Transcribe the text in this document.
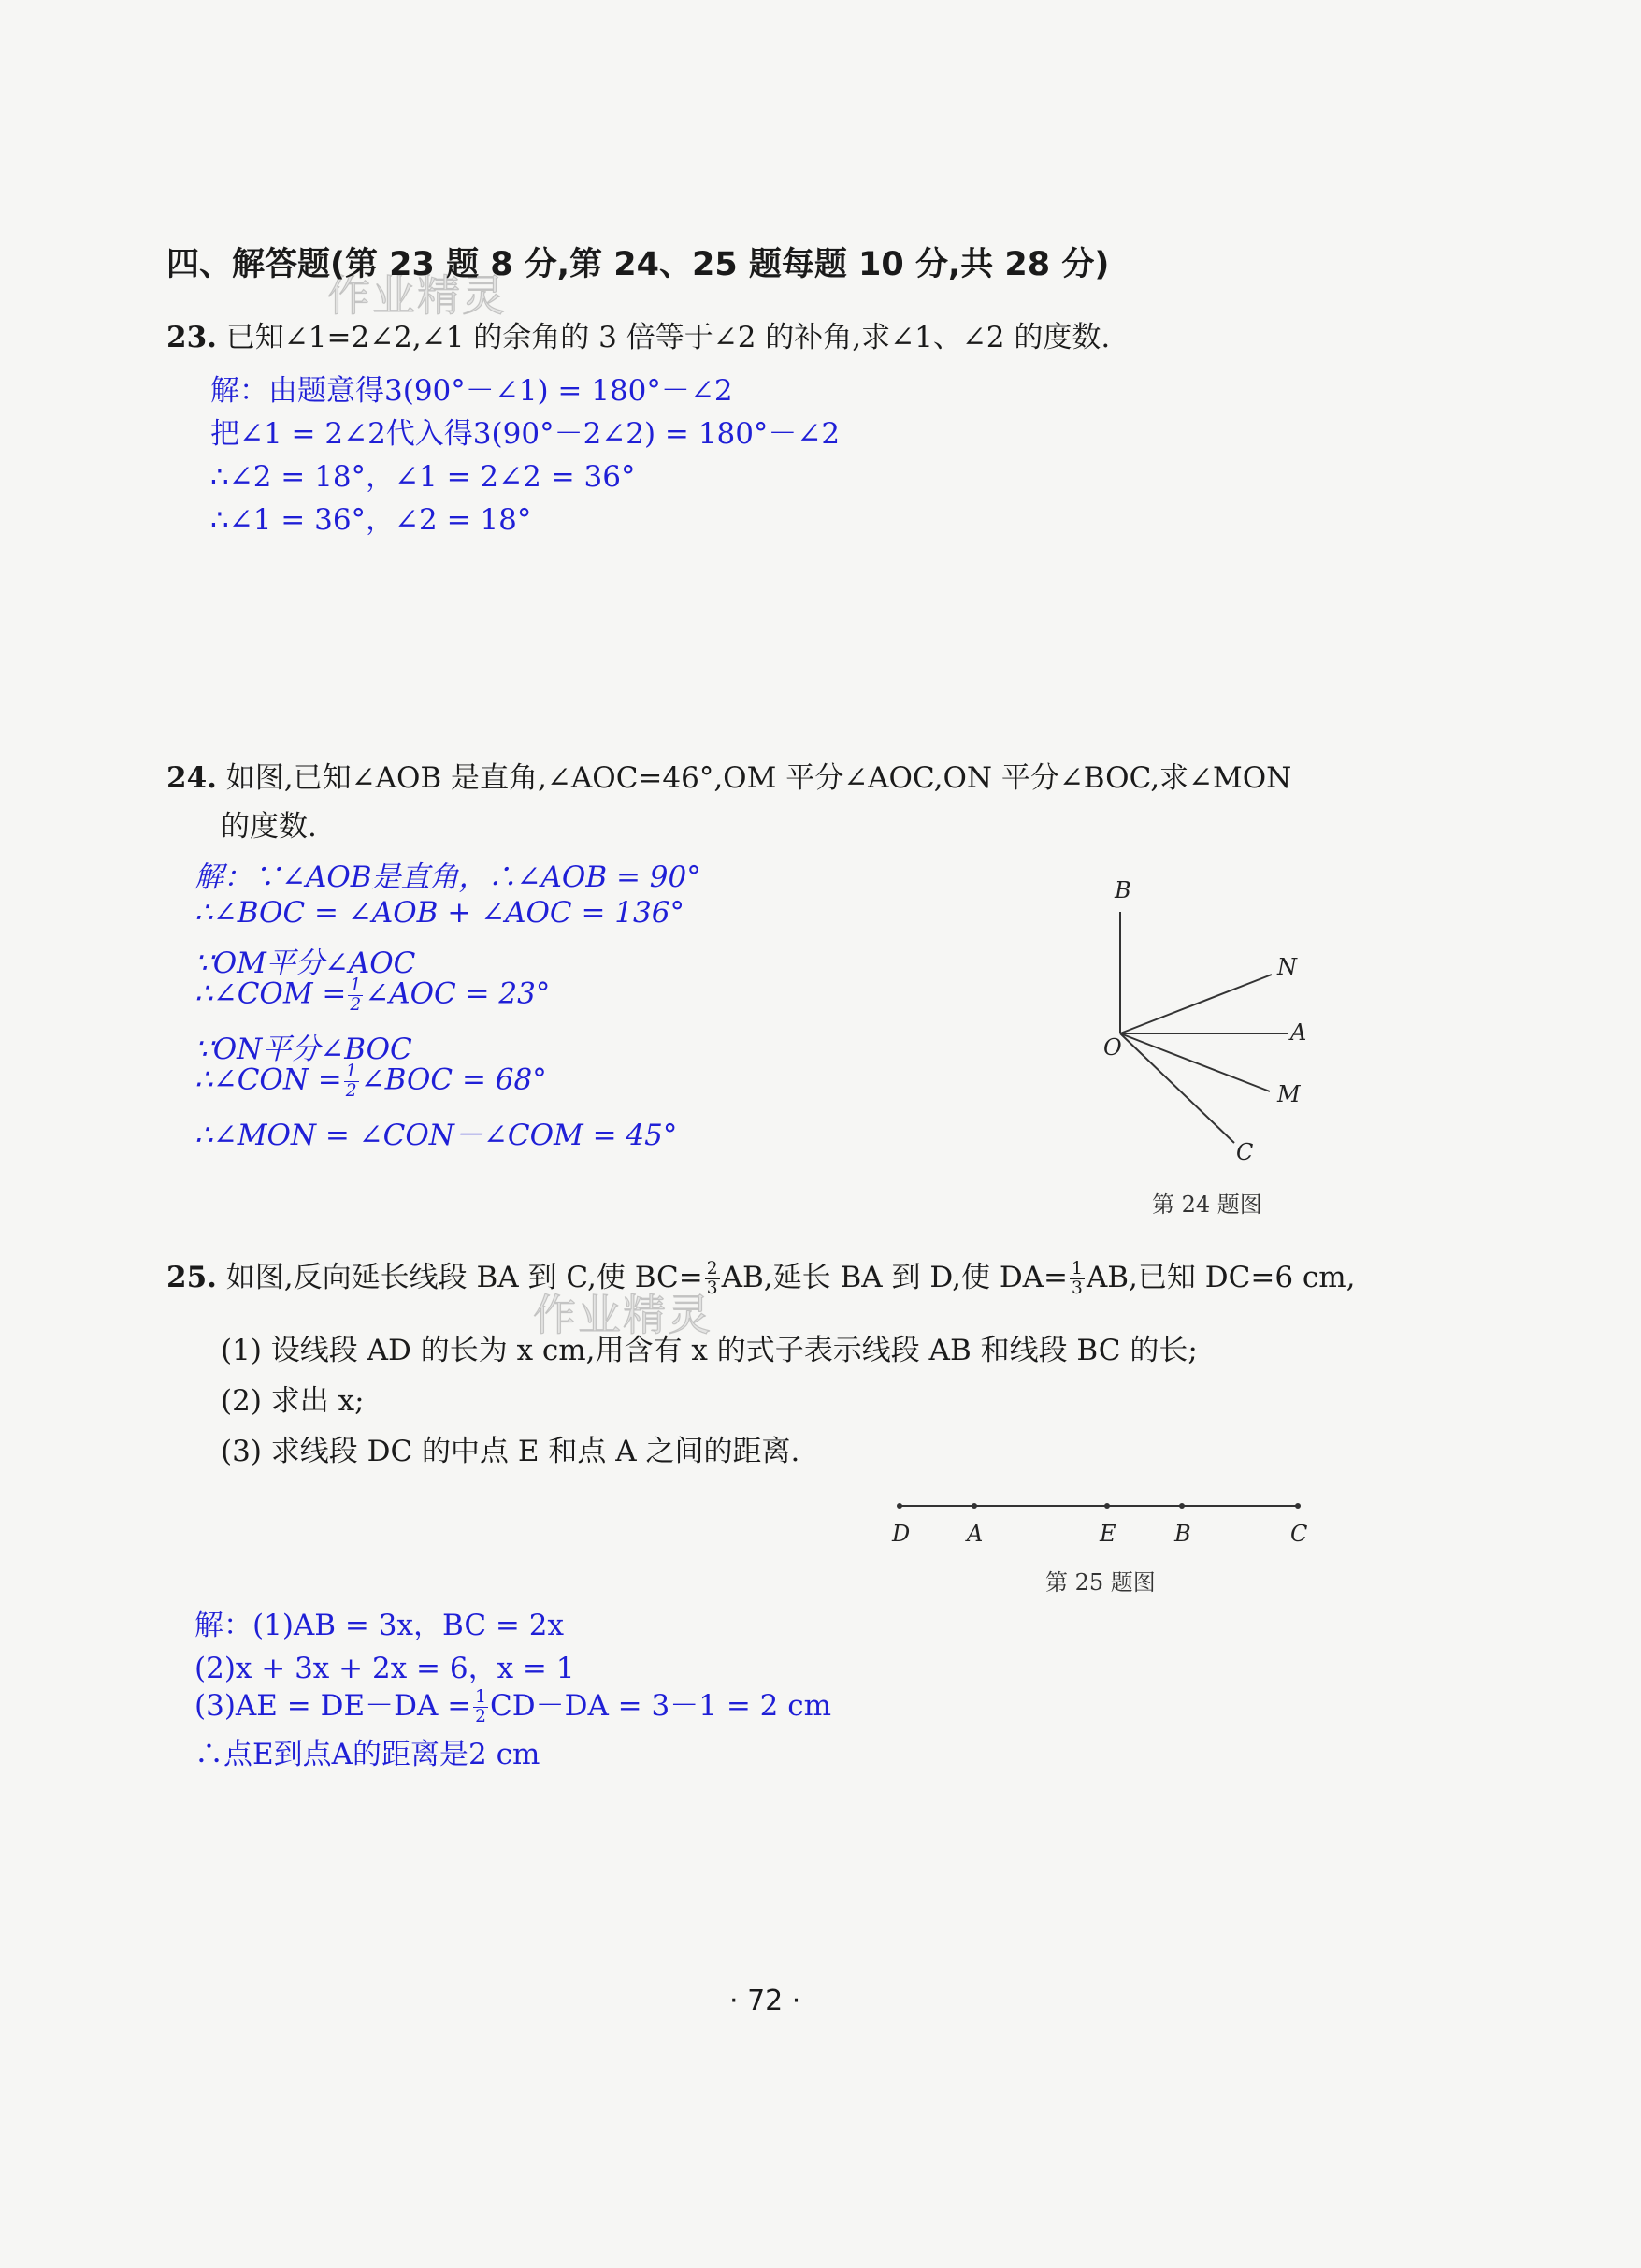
作业精灵
作业精灵
四、解答题(第 23 题 8 分,第 24、25 题每题 10 分,共 28 分)
23. 已知∠1=2∠2,∠1 的余角的 3 倍等于∠2 的补角,求∠1、∠2 的度数.
解：由题意得3(90°－∠1) = 180°－∠2
把∠1 = 2∠2代入得3(90°－2∠2) = 180°－∠2
∴∠2 = 18°，∠1 = 2∠2 = 36°
∴∠1 = 36°，∠2 = 18°
24. 如图,已知∠AOB 是直角,∠AOC=46°,OM 平分∠AOC,ON 平分∠BOC,求∠MON
的度数.
解：∵∠AOB是直角，∴∠AOB = 90°
∴∠BOC = ∠AOB + ∠AOC = 136°
∵OM平分∠AOC
∴∠COM = $\frac{1}{2}$ ∠AOC = 23°
∵ON平分∠BOC
∴∠CON = $\frac{1}{2}$ ∠BOC = 68°
∴∠MON = ∠CON－∠COM = 45°
B
N
O
A
M
C
第 24 题图
25. 如图,反向延长线段 BA 到 C,使 $BC= \frac{2}{3}$ AB,延长 BA 到 D,使 $DA= \frac{1}{3}$ AB,已知 DC=6 cm,
(1) 设线段 AD 的长为 x cm,用含有 x 的式子表示线段 AB 和线段 BC 的长;
(2) 求出 x;
(3) 求线段 DC 的中点 E 和点 A 之间的距离.
D	A	E	B	C
第 25 题图
解：(1)AB = 3x，BC = 2x
(2)x + 3x + 2x = 6，x = 1
$(3)AE = DE-DA = \frac{1}{2} CD-DA = 3-1 = 2$ cm
∴点E到点A的距离是2 cm
· 72 ·
